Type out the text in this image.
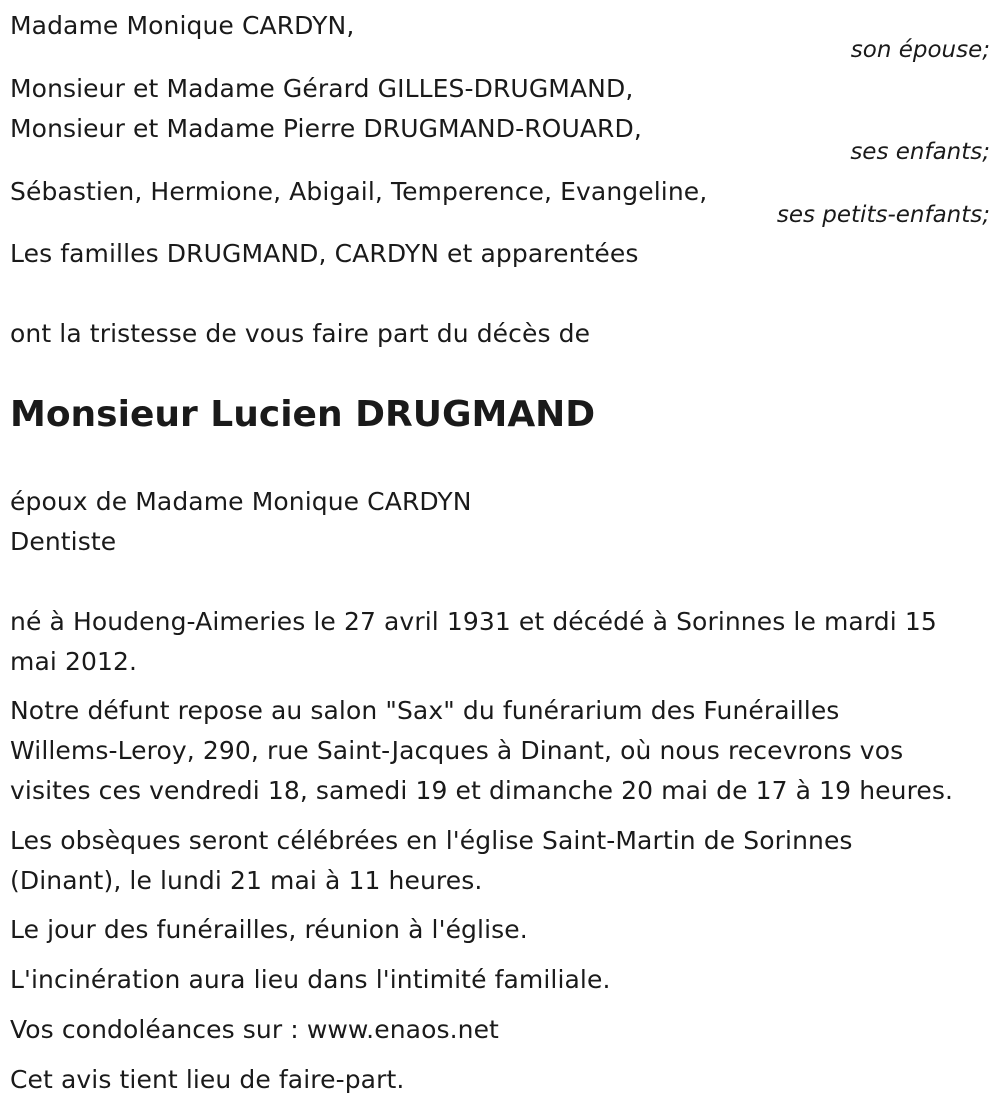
Madame Monique CARDYN,
son épouse;
Monsieur et Madame Gérard GILLES-DRUGMAND,
Monsieur et Madame Pierre DRUGMAND-ROUARD,
ses enfants;
Sébastien, Hermione, Abigail, Temperence, Evangeline,
ses petits-enfants;
Les familles DRUGMAND, CARDYN et apparentées
ont la tristesse de vous faire part du décès de
Monsieur Lucien DRUGMAND
époux de Madame Monique CARDYN
Dentiste
né à Houdeng-Aimeries le 27 avril 1931 et décédé à Sorinnes le mardi 15
mai 2012.
Notre défunt repose au salon "Sax" du funérarium des Funérailles
Willems-Leroy, 290, rue Saint-Jacques à Dinant, où nous recevrons vos
visites ces vendredi 18, samedi 19 et dimanche 20 mai de 17 à 19 heures.
Les obsèques seront célébrées en l'église Saint-Martin de Sorinnes
(Dinant), le lundi 21 mai à 11 heures.
Le jour des funérailles, réunion à l'église.
L'incinération aura lieu dans l'intimité familiale.
Vos condoléances sur : www.enaos.net
Cet avis tient lieu de faire-part.
